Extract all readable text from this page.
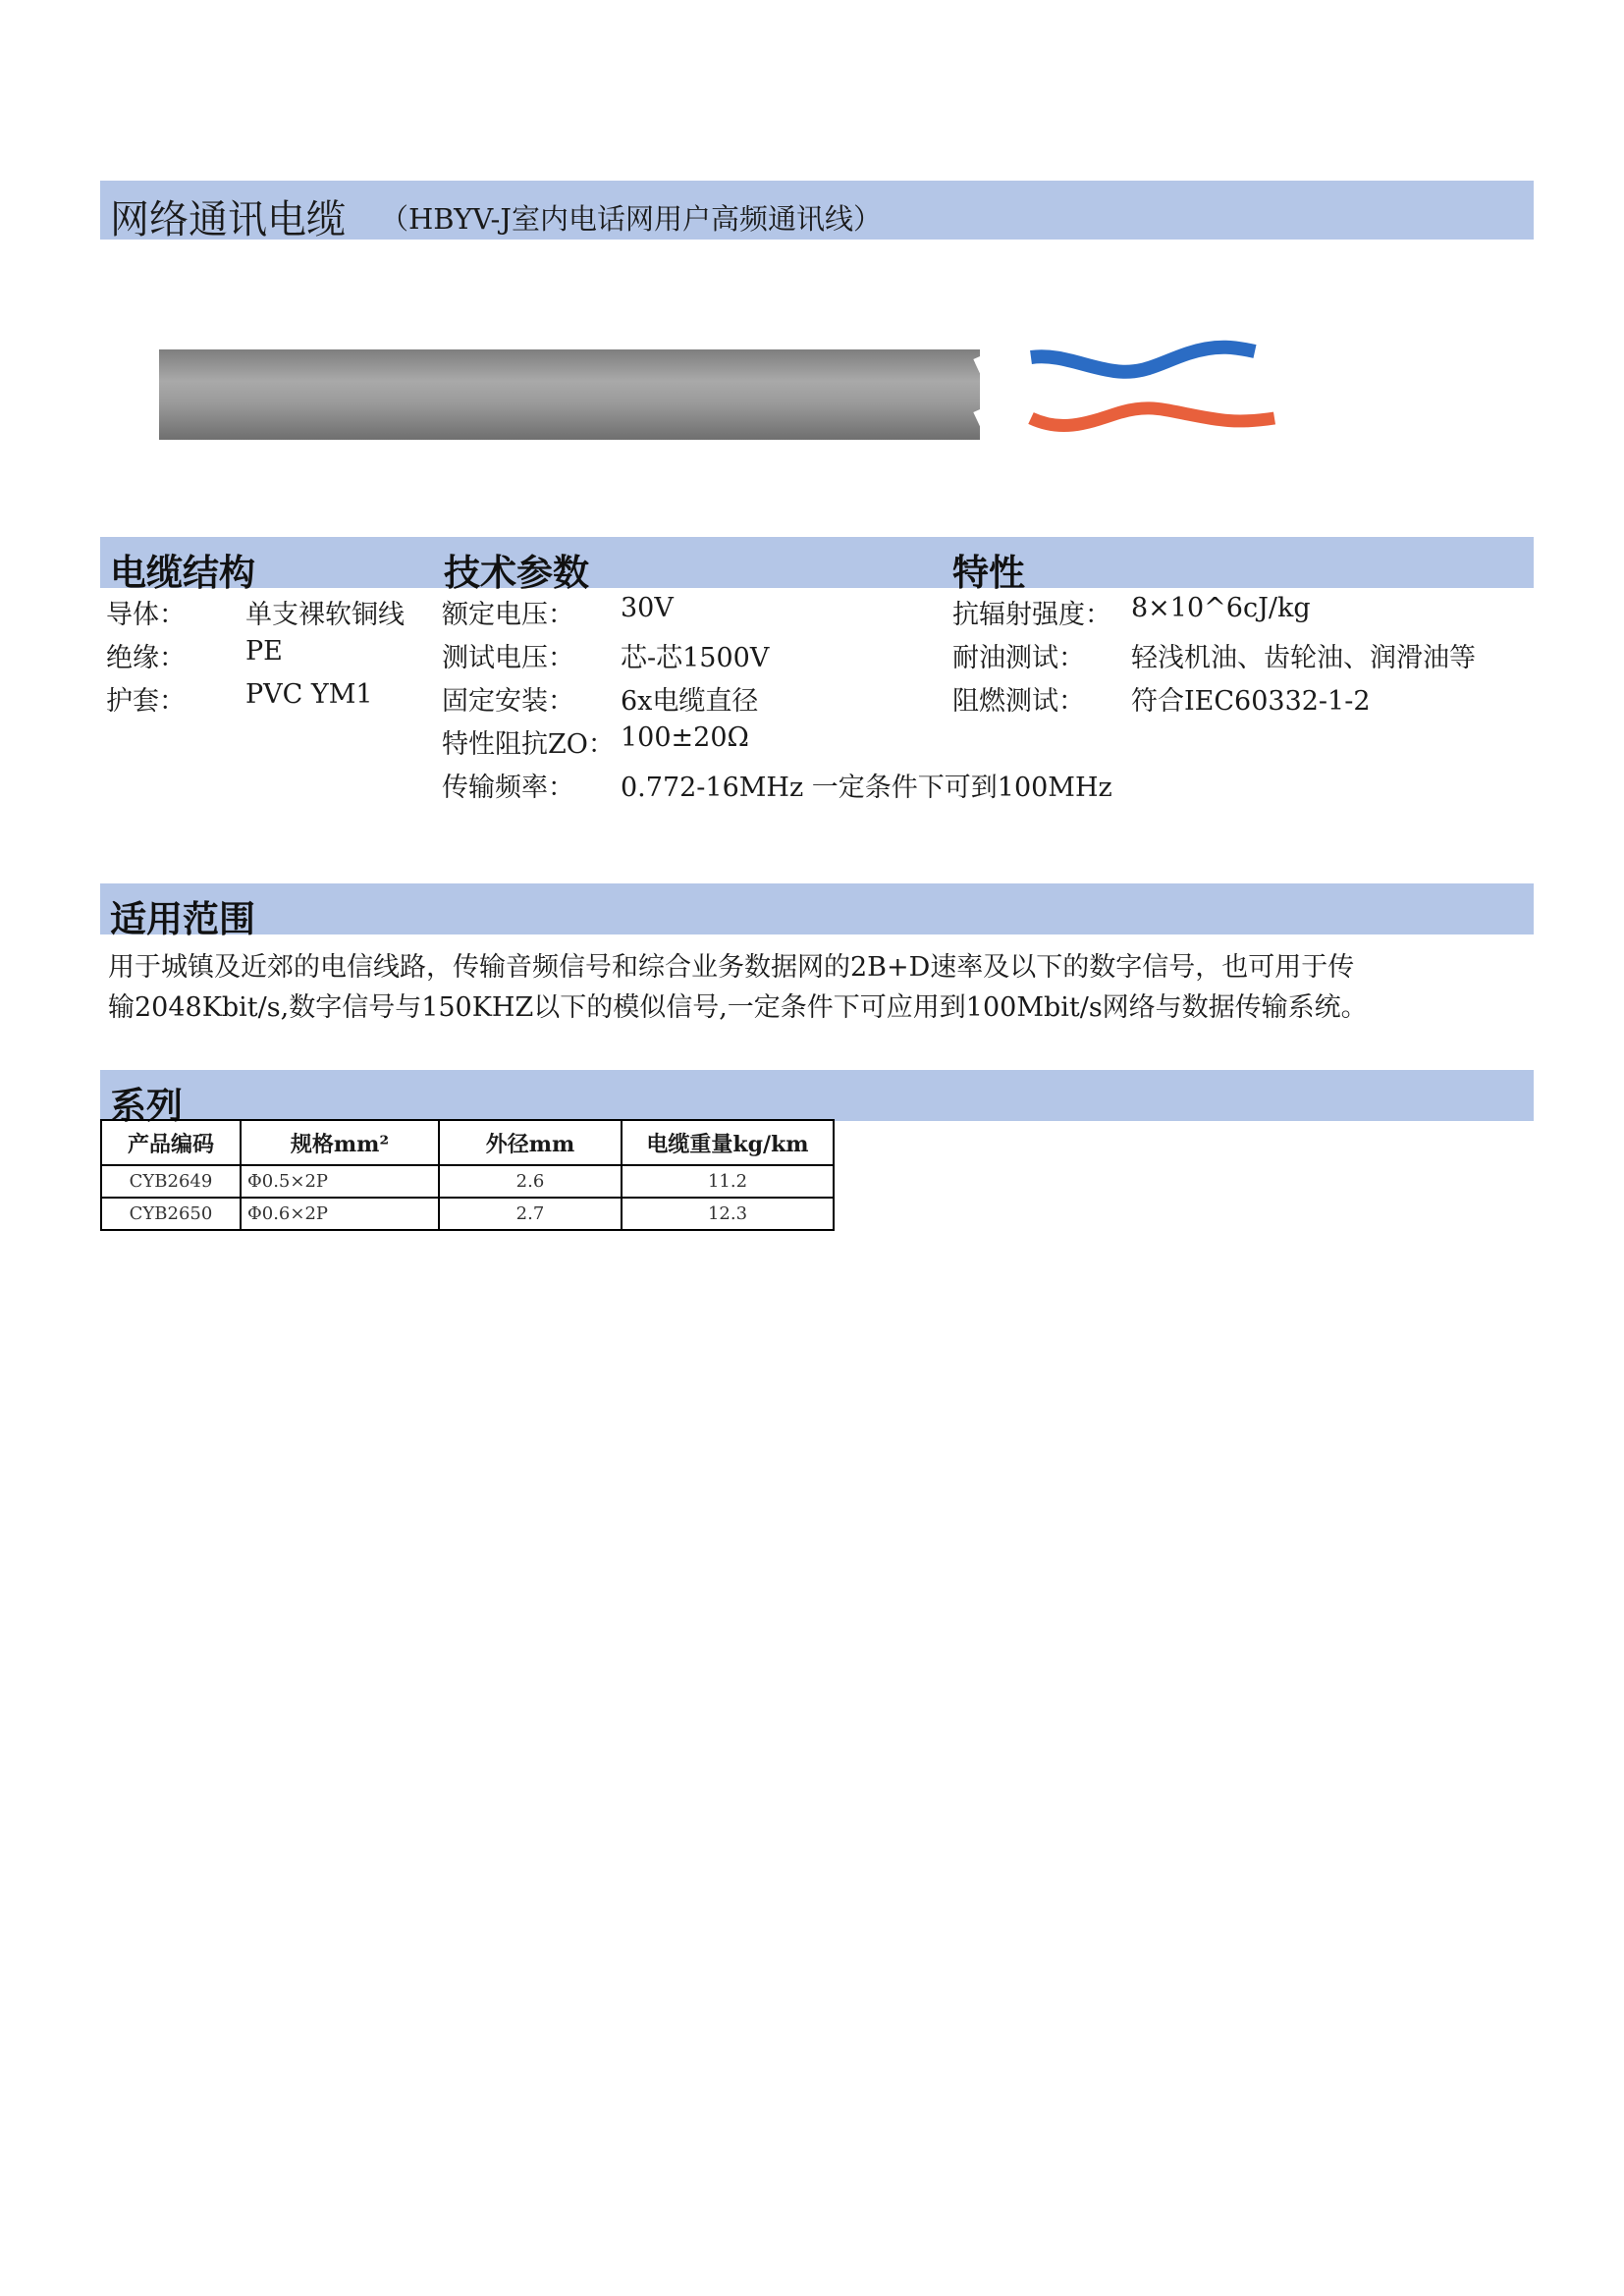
网络通讯电缆 （HBYV-J室内电话网用户高频通讯线）
电缆结构	技术参数	特性
导体： 单支裸软铜线
绝缘： PE
护套： PVC YM1
额定电压： 30V
测试电压： 芯-芯1500V
固定安装： 6x电缆直径
特性阻抗ZO： 100±20Ω
传输频率： 0.772-16MHz 一定条件下可到100MHz
抗辐射强度： 8×10^6cJ/kg
耐油测试： 轻浅机油、齿轮油、润滑油等
阻燃测试： 符合IEC60332-1-2
适用范围
用于城镇及近郊的电信线路，传输音频信号和综合业务数据网的2B+D速率及以下的数字信号，也可用于传
输2048Kbit/s,数字信号与150KHZ以下的模似信号,一定条件下可应用到100Mbit/s网络与数据传输系统。
系列
产品编码	规格mm²	外径mm	电缆重量kg/km
CYB2649	Φ0.5×2P	2.6	11.2
CYB2650	Φ0.6×2P	2.7	12.3
